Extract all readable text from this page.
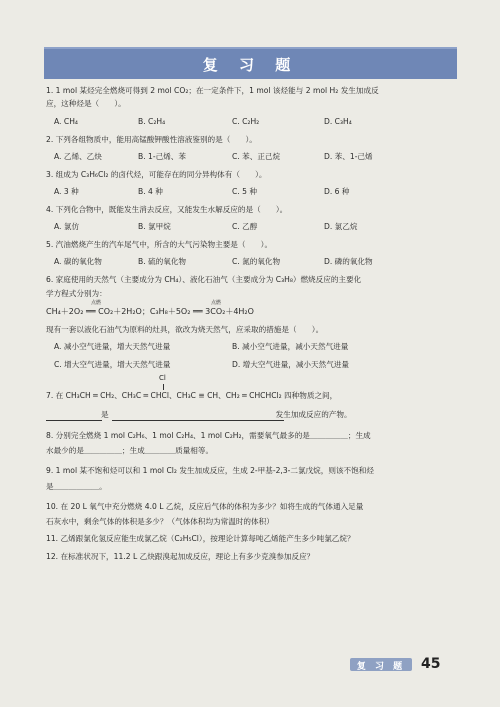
复 习 题
1. 1 mol 某烃完全燃烧可得到 2 mol CO₂；在一定条件下，1 mol 该烃能与 2 mol H₂ 发生加成反
应，这种烃是（　　）。
A. CH₄	B. C₂H₄	C. C₂H₂	D. C₃H₄
2. 下列各组物质中，能用高锰酸钾酸性溶液鉴别的是（　　）。
A. 乙烯、乙炔	B. 1-己烯、苯	C. 苯、正己烷	D. 苯、1-己烯
3. 组成为 C₃H₆Cl₂ 的卤代烃，可能存在的同分异构体有（　　）。
A. 3 种	B. 4 种	C. 5 种	D. 6 种
4. 下列化合物中，既能发生消去反应，又能发生水解反应的是（　　）。
A. 氯仿	B. 氯甲烷	C. 乙醇	D. 氯乙烷
5. 汽油燃烧产生的汽车尾气中，所含的大气污染物主要是（　　）。
A. 碳的氧化物	B. 硫的氧化物	C. 氮的氧化物	D. 磷的氧化物
6. 家庭使用的天然气（主要成分为 CH₄）、液化石油气（主要成分为 C₃H₈）燃烧反应的主要化
学方程式分别为：
点燃	点燃
CH₄＋2O₂ ══ CO₂＋2H₂O；C₃H₈＋5O₂ ══ 3CO₂＋4H₂O
现有一套以液化石油气为原料的灶具，欲改为烧天然气，应采取的措施是（　　）。
A. 减小空气进量，增大天然气进量	B. 减小空气进量，减小天然气进量
C. 增大空气进量，增大天然气进量	D. 增大空气进量，减小天然气进量
Cl
7. 在 CH₃CH ═ CH₂、CH₃C ═ CHCl、CH₃C ≡ CH、CH₂ ═ CHCHCl₂ 四种物质之间，
是　　　　　　　　　　　　　　　　　　　　　　发生加成反应的产物。
8. 分别完全燃烧 1 mol C₂H₆、1 mol C₂H₄、1 mol C₂H₂，需要氧气最多的是＿＿＿＿＿；生成
水最少的是＿＿＿＿＿；生成＿＿＿＿质量相等。
9. 1 mol 某不饱和烃可以和 1 mol Cl₂ 发生加成反应，生成 2-甲基-2,3-二氯戊烷，则该不饱和烃
是＿＿＿＿＿＿。
10. 在 20 L 氧气中充分燃烧 4.0 L 乙烷，反应后气体的体积为多少？如将生成的气体通入足量
石灰水中，剩余气体的体积是多少？（气体体积均为常温时的体积）
11. 乙烯跟氯化氢反应能生成氯乙烷（C₂H₅Cl），按理论计算每吨乙烯能产生多少吨氯乙烷？
12. 在标准状况下，11.2 L 乙炔跟溴起加成反应，理论上有多少克溴参加反应？
复 习 题	45
